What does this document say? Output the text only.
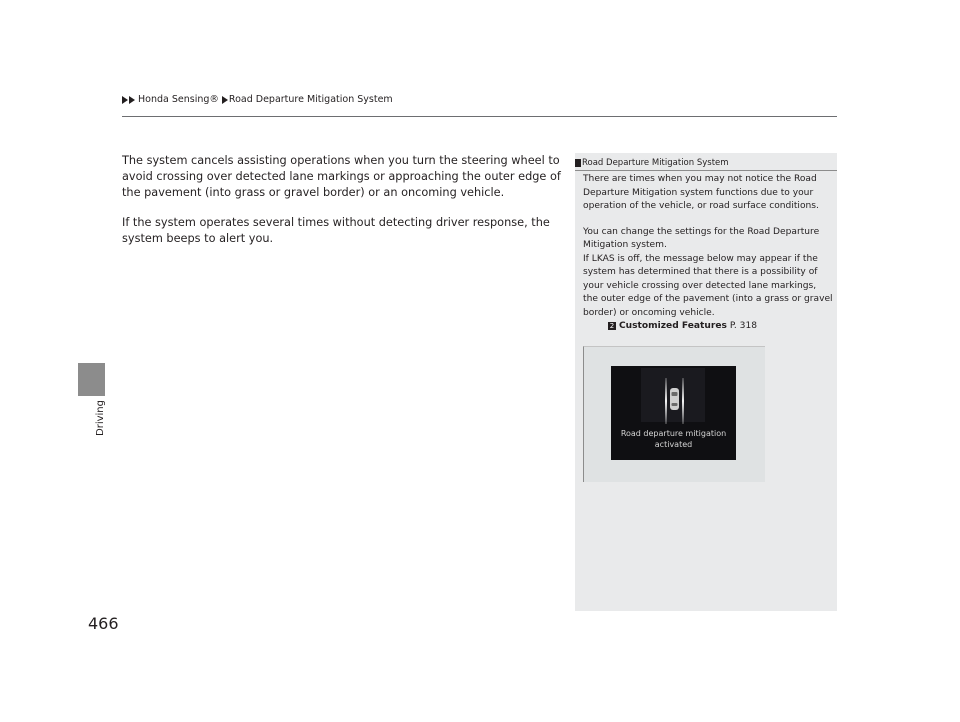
Honda Sensing® Road Departure Mitigation System
Driving
466

The system cancels assisting operations when you turn the steering wheel to avoid crossing over detected lane markings or approaching the outer edge of the pavement (into grass or gravel border) or an oncoming vehicle.

If the system operates several times without detecting driver response, the system beeps to alert you.

Road Departure Mitigation System

There are times when you may not notice the Road Departure Mitigation system functions due to your operation of the vehicle, or road surface conditions.

You can change the settings for the Road Departure Mitigation system.

If LKAS is off, the message below may appear if the system has determined that there is a possibility of your vehicle crossing over detected lane markings, the outer edge of the pavement (into a grass or gravel border) or oncoming vehicle.

2 Customized Features P. 318
Road departure mitigation activated
